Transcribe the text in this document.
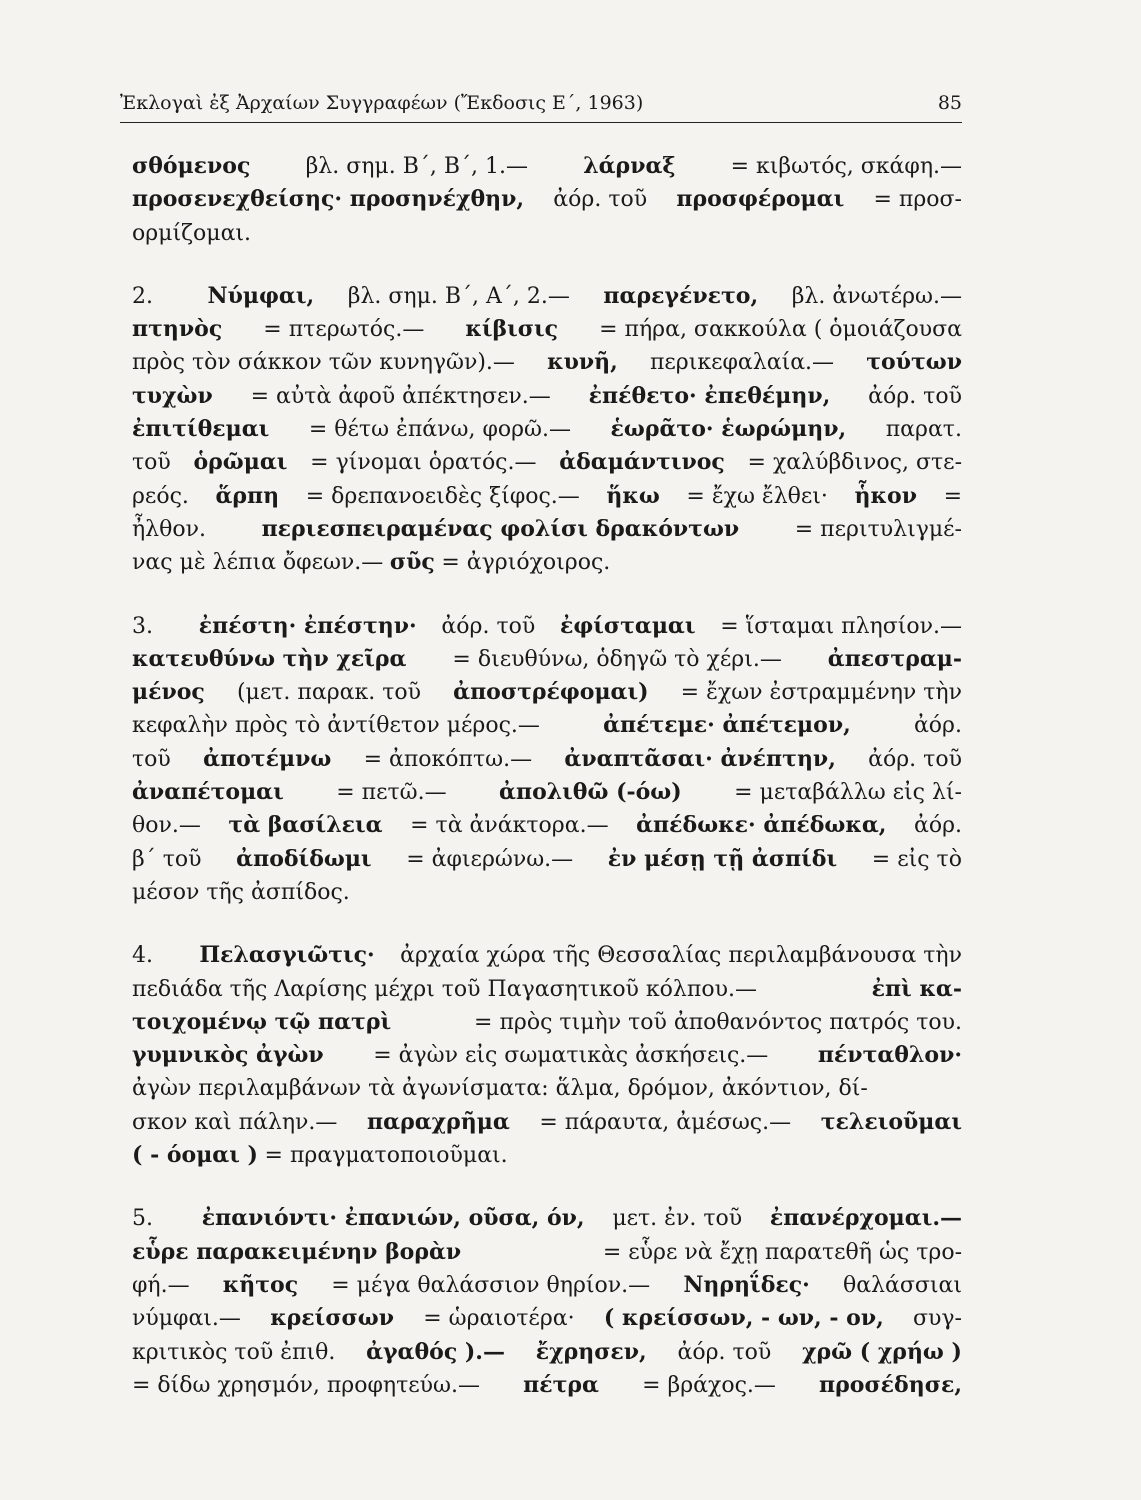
Ἐκλογαὶ ἐξ Ἀρχαίων Συγγραφέων (Ἔκδοσις Ε΄, 1963)	85
σθόμενος	βλ. σημ. Β΄, Β΄, 1.—	λάρναξ	= κιβωτός, σκάφη.—
προσενεχθείσης· προσηνέχθην, ἀόρ. τοῦ προσφέρομαι = προσ-
ορμίζομαι.
2.	Νύμφαι, βλ. σημ. Β΄, Α΄, 2.— παρεγένετο, βλ. ἀνωτέρω.—
πτηνὸς = πτερωτός.— κίβισις = πήρα, σακκούλα ( ὁμοιάζουσα
πρὸς τὸν σάκκον τῶν κυνηγῶν).— κυνῆ, περικεφαλαία.— τούτων
τυχὼν = αὐτὰ ἀφοῦ ἀπέκτησεν.— ἐπέθετο· ἐπεθέμην, ἀόρ. τοῦ
ἐπιτίθεμαι = θέτω ἐπάνω, φορῶ.— ἑωρᾶτο· ἑωρώμην, παρατ.
τοῦ ὁρῶμαι = γίνομαι ὁρατός.— ἀδαμάντινος = χαλύβδινος, στε-
ρεός. ἅρπη = δρεπανοειδὲς ξίφος.— ἥκω = ἔχω ἔλθει· ἧκον =
ἦλθον.	περιεσπειραμένας φολίσι δρακόντων	= περιτυλιγμέ-
νας μὲ λέπια ὄφεων.— σῦς = ἀγριόχοιρος.
3.	ἐπέστη· ἐπέστην· ἀόρ. τοῦ ἐφίσταμαι = ἵσταμαι πλησίον.—
κατευθύνω τὴν χεῖρα = διευθύνω, ὁδηγῶ τὸ χέρι.— ἀπεστραμ-
μένος (μετ. παρακ. τοῦ ἀποστρέφομαι) = ἔχων ἐστραμμένην τὴν
κεφαλὴν πρὸς τὸ ἀντίθετον μέρος.—	ἀπέτεμε· ἀπέτεμον,	ἀόρ.
τοῦ ἀποτέμνω = ἀποκόπτω.— ἀναπτᾶσαι· ἀνέπτην, ἀόρ. τοῦ
ἀναπέτομαι = πετῶ.— ἀπολιθῶ (-όω) = μεταβάλλω εἰς λί-
θον.— τὰ βασίλεια = τὰ ἀνάκτορα.— ἀπέδωκε· ἀπέδωκα, ἀόρ.
β΄ τοῦ ἀποδίδωμι = ἀφιερώνω.— ἐν μέσῃ τῇ ἀσπίδι = εἰς τὸ
μέσον τῆς ἀσπίδος.
4.	Πελασγιῶτις· ἀρχαία χώρα τῆς Θεσσαλίας περιλαμβάνουσα τὴν
πεδιάδα τῆς Λαρίσης μέχρι τοῦ Παγασητικοῦ κόλπου.—	ἐπὶ κα-
τοιχομένῳ τῷ πατρὶ	= πρὸς τιμὴν τοῦ ἀποθανόντος πατρός του.
γυμνικὸς ἀγὼν = ἀγὼν εἰς σωματικὰς ἀσκήσεις.— πένταθλον·
ἀγὼν περιλαμβάνων τὰ ἀγωνίσματα: ἅλμα, δρόμον, ἀκόντιον, δί-
σκον καὶ πάλην.— παραχρῆμα = πάραυτα, ἀμέσως.— τελειοῦμαι
( - όομαι ) = πραγματοποιοῦμαι.
5.	ἐπανιόντι· ἐπανιών, οῦσα, όν, μετ. ἐν. τοῦ ἐπανέρχομαι.—
εὗρε παρακειμένην βορὰν	= εὗρε νὰ ἔχῃ παρατεθῆ ὡς τρο-
φή.— κῆτος = μέγα θαλάσσιον θηρίον.— Νηρηΐδες· θαλάσσιαι
νύμφαι.— κρείσσων = ὡραιοτέρα· ( κρείσσων, - ων, - ον, συγ-
κριτικὸς τοῦ ἐπιθ. ἀγαθός ).— ἔχρησεν, ἀόρ. τοῦ χρῶ ( χρήω )
= δίδω χρησμόν, προφητεύω.— πέτρα = βράχος.— προσέδησε,
